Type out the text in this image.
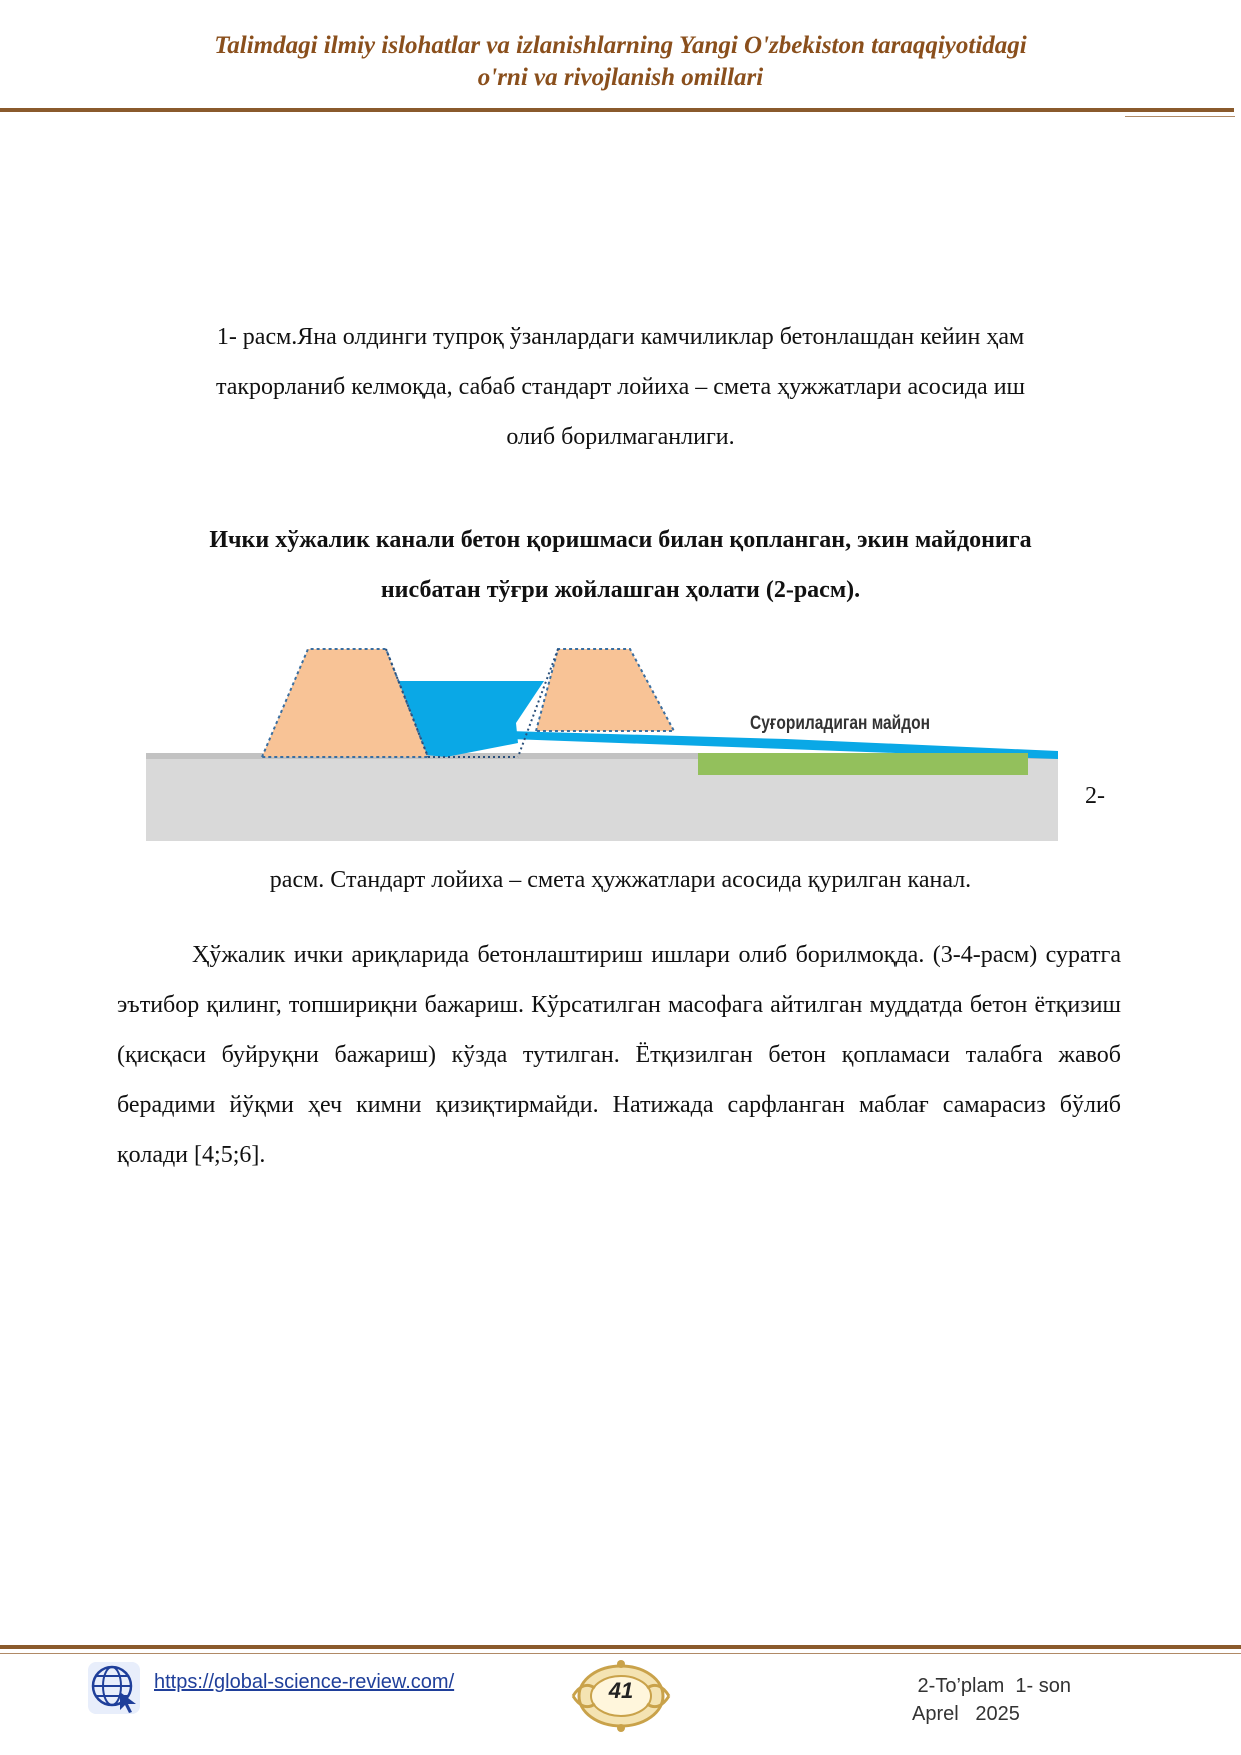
Talimdagi ilmiy islohatlar va izlanishlarning Yangi O'zbekiston taraqqiyotidagi
o'rni va rivojlanish omillari
1- расм.Яна олдинги тупроқ ўзанлардаги камчиликлар бетонлашдан кейин ҳам
такрорланиб келмоқда, сабаб стандарт лойиха – смета ҳужжатлари асосида иш
олиб борилмаганлиги.
Ички хўжалик канали бетон қоришмаси билан қопланган, экин майдонига
нисбатан тўғри жойлашган ҳолати (2-расм).
Суғориладиган майдон
2-
расм. Стандарт лойиха – смета ҳужжатлари асосида қурилган канал.
Ҳўжалик ички ариқларида бетонлаштириш ишлари олиб борилмоқда. (3-4-расм) суратга эътибор қилинг, топшириқни бажариш. Кўрсатилган масофага айтилган муддатда бетон ётқизиш (қисқаси буйруқни бажариш) кўзда тутилган. Ётқизилган бетон қопламаси талабга жавоб берадими йўқми ҳеч кимни қизиқтирмайди. Натижада сарфланган маблағ самарасиз бўлиб қолади [4;5;6].
https://global-science-review.com/	41	2-To’plam  1- son
Aprel   2025
